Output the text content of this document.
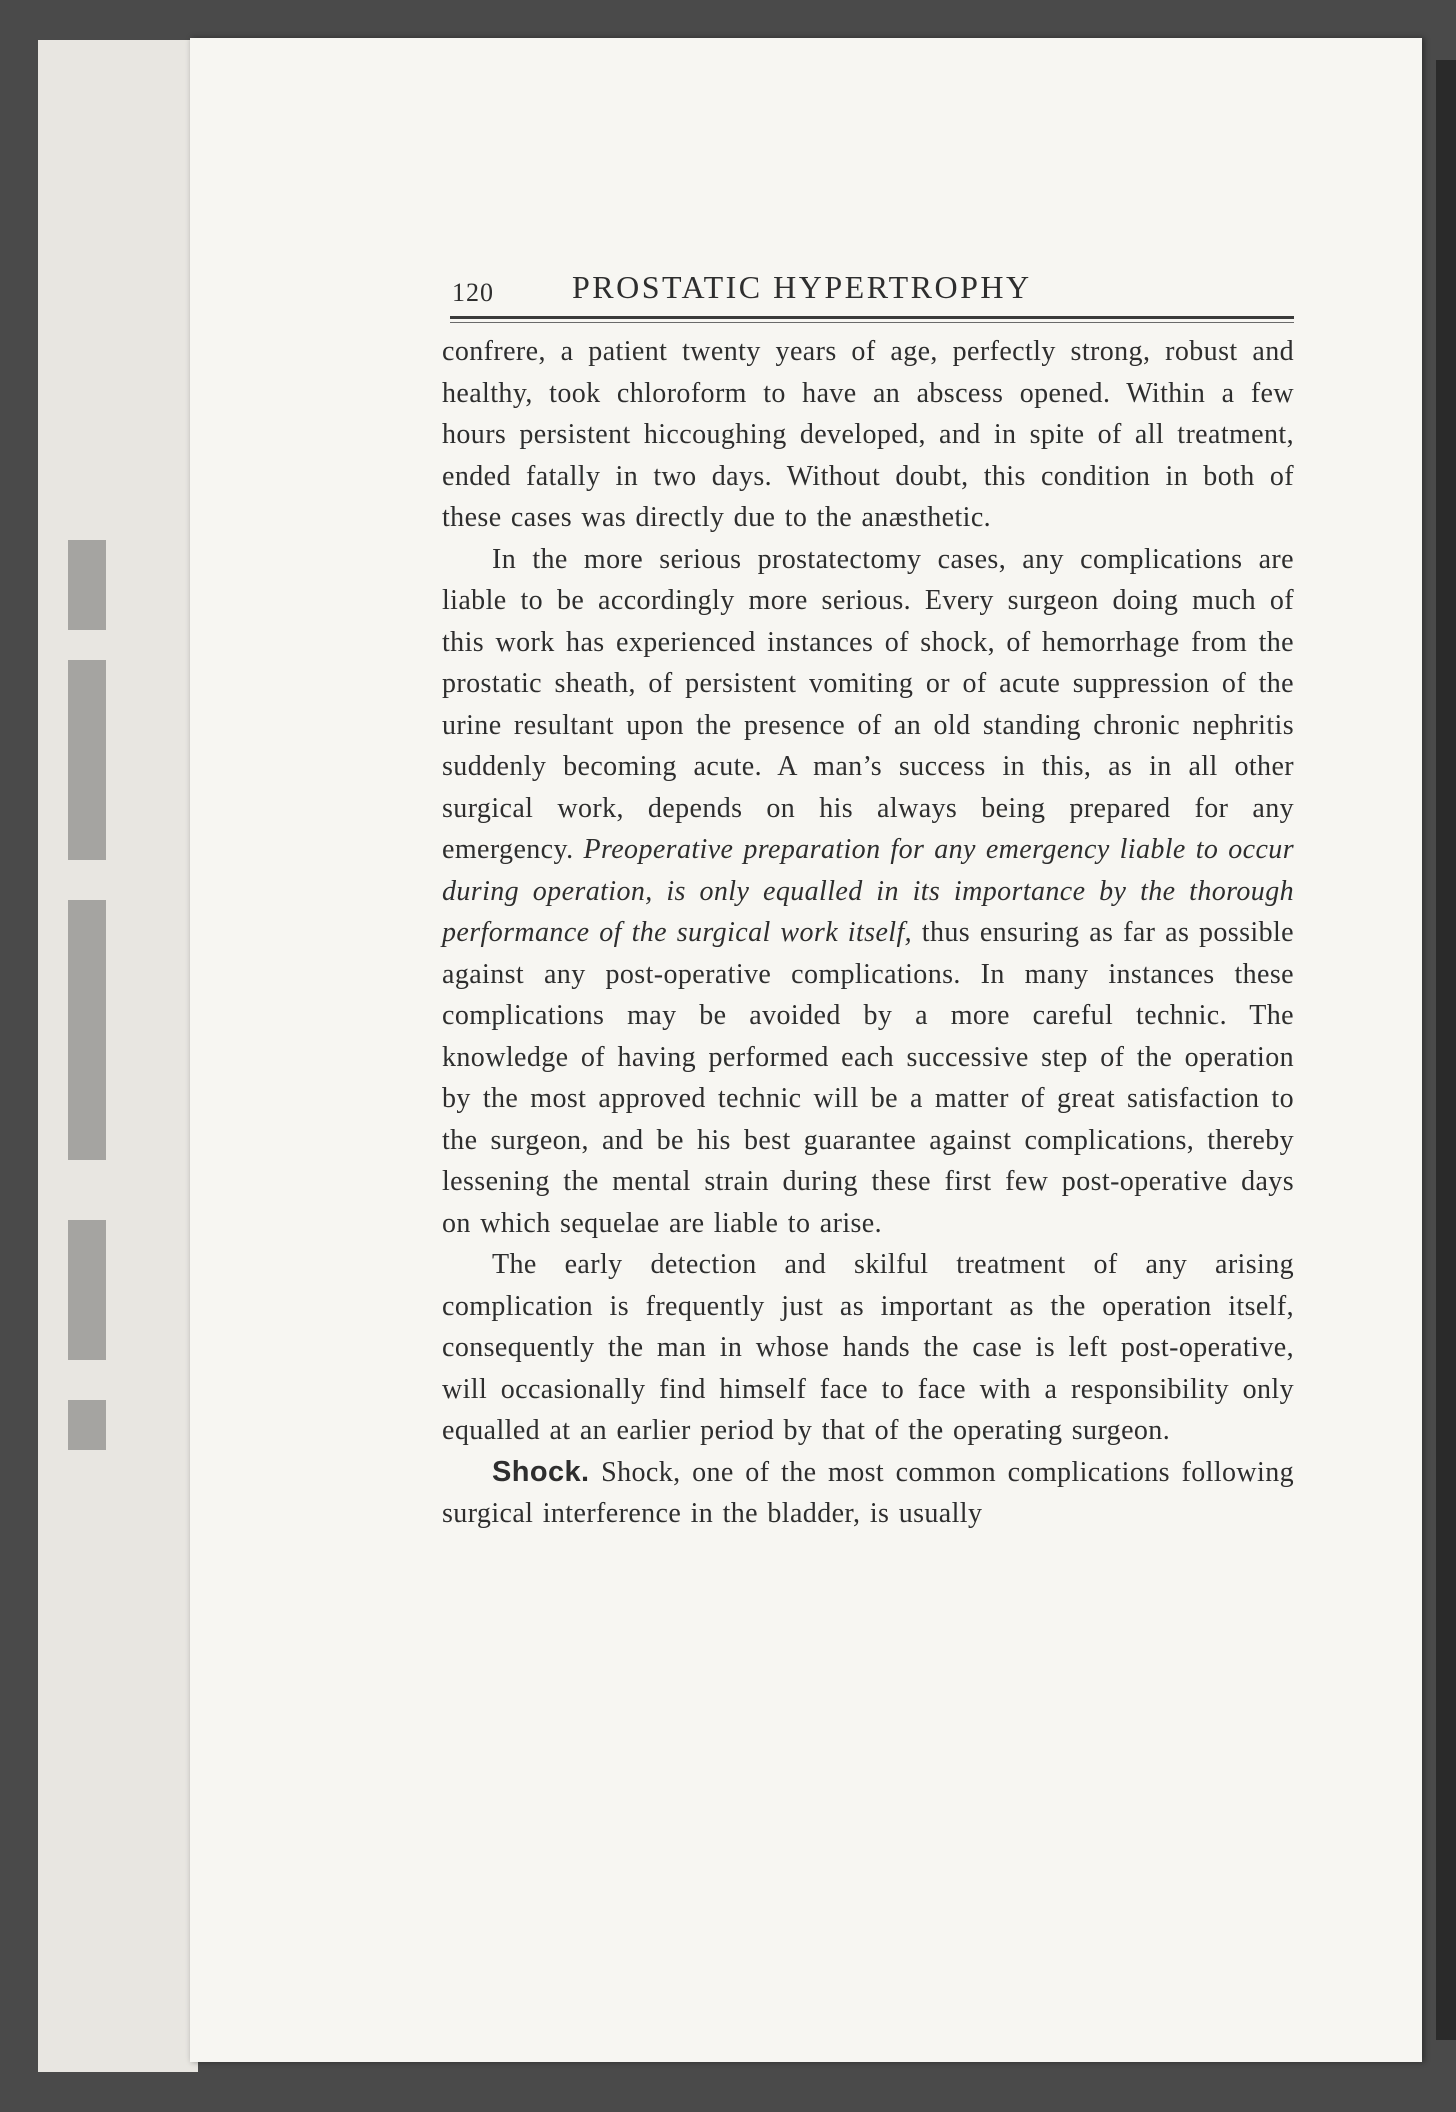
120 PROSTATIC HYPERTROPHY

confrere, a patient twenty years of age, perfectly strong, robust and healthy, took chloroform to have an abscess opened. Within a few hours persistent hiccoughing developed, and in spite of all treatment, ended fatally in two days. Without doubt, this condition in both of these cases was directly due to the anæsthetic.

In the more serious prostatectomy cases, any complications are liable to be accordingly more serious. Every surgeon doing much of this work has experienced instances of shock, of hemorrhage from the prostatic sheath, of persistent vomiting or of acute suppression of the urine resultant upon the presence of an old standing chronic nephritis suddenly becoming acute. A man’s success in this, as in all other surgical work, depends on his always being prepared for any emergency. Preoperative preparation for any emergency liable to occur during operation, is only equalled in its importance by the thorough performance of the surgical work itself, thus ensuring as far as possible against any post-operative complications. In many instances these complications may be avoided by a more careful technic. The knowledge of having performed each successive step of the operation by the most approved technic will be a matter of great satisfaction to the surgeon, and be his best guarantee against complications, thereby lessening the mental strain during these first few post-operative days on which sequelae are liable to arise.

The early detection and skilful treatment of any arising complication is frequently just as important as the operation itself, consequently the man in whose hands the case is left post-operative, will occasionally find himself face to face with a responsibility only equalled at an earlier period by that of the operating surgeon.

Shock. Shock, one of the most common complications following surgical interference in the bladder, is usually
